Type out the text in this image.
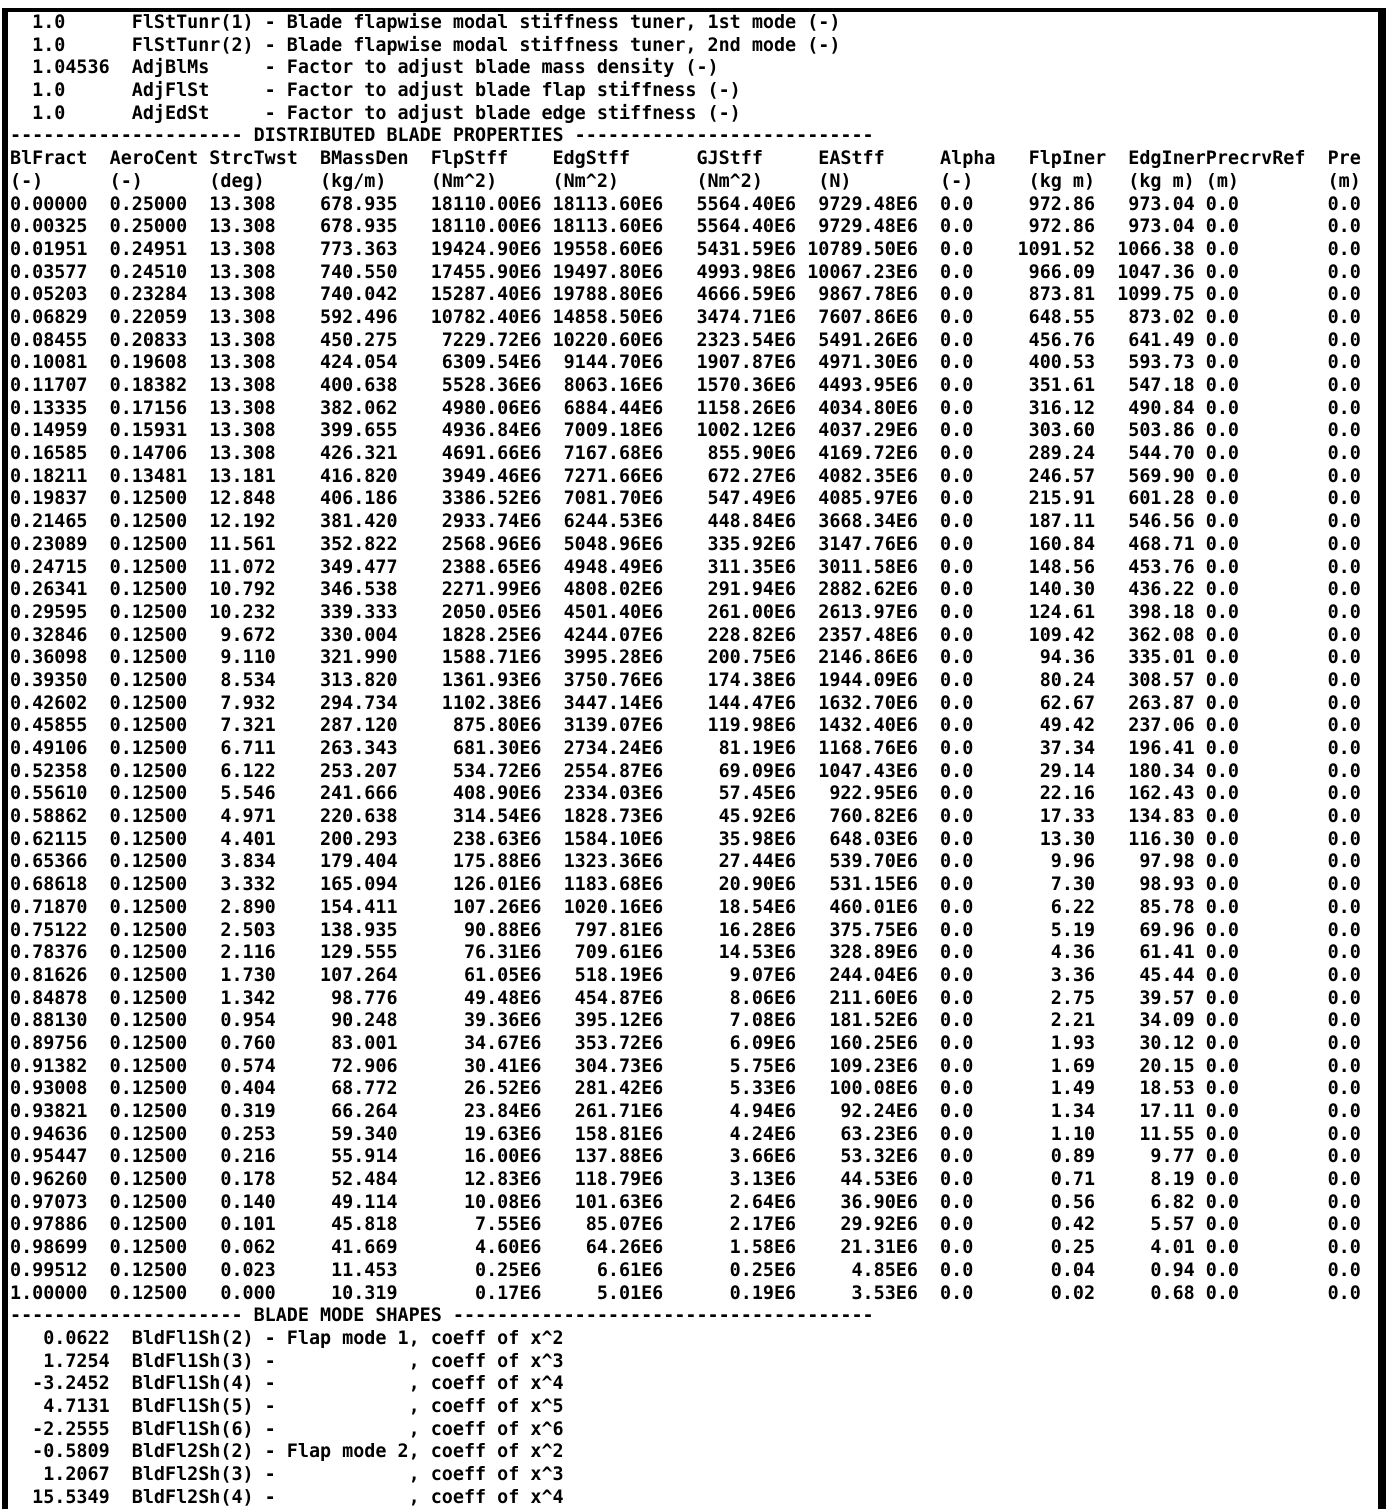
1.0      FlStTunr(1) - Blade flapwise modal stiffness tuner, 1st mode (-)
1.0      FlStTunr(2) - Blade flapwise modal stiffness tuner, 2nd mode (-)
1.04536  AdjBlMs     - Factor to adjust blade mass density (-)
1.0      AdjFlSt     - Factor to adjust blade flap stiffness (-)
1.0      AdjEdSt     - Factor to adjust blade edge stiffness (-)
--------------------- DISTRIBUTED BLADE PROPERTIES ---------------------------
BlFract  AeroCent StrcTwst  BMassDen  FlpStff    EdgStff      GJStff     EAStff     Alpha   FlpIner  EdgInerPrecrvRef  Pre
(-)      (-)      (deg)     (kg/m)    (Nm^2)     (Nm^2)       (Nm^2)     (N)        (-)     (kg m)   (kg m) (m)        (m)
0.00000  0.25000  13.308    678.935   18110.00E6 18113.60E6   5564.40E6  9729.48E6  0.0     972.86   973.04 0.0        0.0
0.00325  0.25000  13.308    678.935   18110.00E6 18113.60E6   5564.40E6  9729.48E6  0.0     972.86   973.04 0.0        0.0
0.01951  0.24951  13.308    773.363   19424.90E6 19558.60E6   5431.59E6 10789.50E6  0.0    1091.52  1066.38 0.0        0.0
0.03577  0.24510  13.308    740.550   17455.90E6 19497.80E6   4993.98E6 10067.23E6  0.0     966.09  1047.36 0.0        0.0
0.05203  0.23284  13.308    740.042   15287.40E6 19788.80E6   4666.59E6  9867.78E6  0.0     873.81  1099.75 0.0        0.0
0.06829  0.22059  13.308    592.496   10782.40E6 14858.50E6   3474.71E6  7607.86E6  0.0     648.55   873.02 0.0        0.0
0.08455  0.20833  13.308    450.275    7229.72E6 10220.60E6   2323.54E6  5491.26E6  0.0     456.76   641.49 0.0        0.0
0.10081  0.19608  13.308    424.054    6309.54E6  9144.70E6   1907.87E6  4971.30E6  0.0     400.53   593.73 0.0        0.0
0.11707  0.18382  13.308    400.638    5528.36E6  8063.16E6   1570.36E6  4493.95E6  0.0     351.61   547.18 0.0        0.0
0.13335  0.17156  13.308    382.062    4980.06E6  6884.44E6   1158.26E6  4034.80E6  0.0     316.12   490.84 0.0        0.0
0.14959  0.15931  13.308    399.655    4936.84E6  7009.18E6   1002.12E6  4037.29E6  0.0     303.60   503.86 0.0        0.0
0.16585  0.14706  13.308    426.321    4691.66E6  7167.68E6    855.90E6  4169.72E6  0.0     289.24   544.70 0.0        0.0
0.18211  0.13481  13.181    416.820    3949.46E6  7271.66E6    672.27E6  4082.35E6  0.0     246.57   569.90 0.0        0.0
0.19837  0.12500  12.848    406.186    3386.52E6  7081.70E6    547.49E6  4085.97E6  0.0     215.91   601.28 0.0        0.0
0.21465  0.12500  12.192    381.420    2933.74E6  6244.53E6    448.84E6  3668.34E6  0.0     187.11   546.56 0.0        0.0
0.23089  0.12500  11.561    352.822    2568.96E6  5048.96E6    335.92E6  3147.76E6  0.0     160.84   468.71 0.0        0.0
0.24715  0.12500  11.072    349.477    2388.65E6  4948.49E6    311.35E6  3011.58E6  0.0     148.56   453.76 0.0        0.0
0.26341  0.12500  10.792    346.538    2271.99E6  4808.02E6    291.94E6  2882.62E6  0.0     140.30   436.22 0.0        0.0
0.29595  0.12500  10.232    339.333    2050.05E6  4501.40E6    261.00E6  2613.97E6  0.0     124.61   398.18 0.0        0.0
0.32846  0.12500   9.672    330.004    1828.25E6  4244.07E6    228.82E6  2357.48E6  0.0     109.42   362.08 0.0        0.0
0.36098  0.12500   9.110    321.990    1588.71E6  3995.28E6    200.75E6  2146.86E6  0.0      94.36   335.01 0.0        0.0
0.39350  0.12500   8.534    313.820    1361.93E6  3750.76E6    174.38E6  1944.09E6  0.0      80.24   308.57 0.0        0.0
0.42602  0.12500   7.932    294.734    1102.38E6  3447.14E6    144.47E6  1632.70E6  0.0      62.67   263.87 0.0        0.0
0.45855  0.12500   7.321    287.120     875.80E6  3139.07E6    119.98E6  1432.40E6  0.0      49.42   237.06 0.0        0.0
0.49106  0.12500   6.711    263.343     681.30E6  2734.24E6     81.19E6  1168.76E6  0.0      37.34   196.41 0.0        0.0
0.52358  0.12500   6.122    253.207     534.72E6  2554.87E6     69.09E6  1047.43E6  0.0      29.14   180.34 0.0        0.0
0.55610  0.12500   5.546    241.666     408.90E6  2334.03E6     57.45E6   922.95E6  0.0      22.16   162.43 0.0        0.0
0.58862  0.12500   4.971    220.638     314.54E6  1828.73E6     45.92E6   760.82E6  0.0      17.33   134.83 0.0        0.0
0.62115  0.12500   4.401    200.293     238.63E6  1584.10E6     35.98E6   648.03E6  0.0      13.30   116.30 0.0        0.0
0.65366  0.12500   3.834    179.404     175.88E6  1323.36E6     27.44E6   539.70E6  0.0       9.96    97.98 0.0        0.0
0.68618  0.12500   3.332    165.094     126.01E6  1183.68E6     20.90E6   531.15E6  0.0       7.30    98.93 0.0        0.0
0.71870  0.12500   2.890    154.411     107.26E6  1020.16E6     18.54E6   460.01E6  0.0       6.22    85.78 0.0        0.0
0.75122  0.12500   2.503    138.935      90.88E6   797.81E6     16.28E6   375.75E6  0.0       5.19    69.96 0.0        0.0
0.78376  0.12500   2.116    129.555      76.31E6   709.61E6     14.53E6   328.89E6  0.0       4.36    61.41 0.0        0.0
0.81626  0.12500   1.730    107.264      61.05E6   518.19E6      9.07E6   244.04E6  0.0       3.36    45.44 0.0        0.0
0.84878  0.12500   1.342     98.776      49.48E6   454.87E6      8.06E6   211.60E6  0.0       2.75    39.57 0.0        0.0
0.88130  0.12500   0.954     90.248      39.36E6   395.12E6      7.08E6   181.52E6  0.0       2.21    34.09 0.0        0.0
0.89756  0.12500   0.760     83.001      34.67E6   353.72E6      6.09E6   160.25E6  0.0       1.93    30.12 0.0        0.0
0.91382  0.12500   0.574     72.906      30.41E6   304.73E6      5.75E6   109.23E6  0.0       1.69    20.15 0.0        0.0
0.93008  0.12500   0.404     68.772      26.52E6   281.42E6      5.33E6   100.08E6  0.0       1.49    18.53 0.0        0.0
0.93821  0.12500   0.319     66.264      23.84E6   261.71E6      4.94E6    92.24E6  0.0       1.34    17.11 0.0        0.0
0.94636  0.12500   0.253     59.340      19.63E6   158.81E6      4.24E6    63.23E6  0.0       1.10    11.55 0.0        0.0
0.95447  0.12500   0.216     55.914      16.00E6   137.88E6      3.66E6    53.32E6  0.0       0.89     9.77 0.0        0.0
0.96260  0.12500   0.178     52.484      12.83E6   118.79E6      3.13E6    44.53E6  0.0       0.71     8.19 0.0        0.0
0.97073  0.12500   0.140     49.114      10.08E6   101.63E6      2.64E6    36.90E6  0.0       0.56     6.82 0.0        0.0
0.97886  0.12500   0.101     45.818       7.55E6    85.07E6      2.17E6    29.92E6  0.0       0.42     5.57 0.0        0.0
0.98699  0.12500   0.062     41.669       4.60E6    64.26E6      1.58E6    21.31E6  0.0       0.25     4.01 0.0        0.0
0.99512  0.12500   0.023     11.453       0.25E6     6.61E6      0.25E6     4.85E6  0.0       0.04     0.94 0.0        0.0
1.00000  0.12500   0.000     10.319       0.17E6     5.01E6      0.19E6     3.53E6  0.0       0.02     0.68 0.0        0.0
--------------------- BLADE MODE SHAPES --------------------------------------
0.0622  BldFl1Sh(2) - Flap mode 1, coeff of x^2
1.7254  BldFl1Sh(3) -            , coeff of x^3
-3.2452  BldFl1Sh(4) -            , coeff of x^4
4.7131  BldFl1Sh(5) -            , coeff of x^5
-2.2555  BldFl1Sh(6) -            , coeff of x^6
-0.5809  BldFl2Sh(2) - Flap mode 2, coeff of x^2
1.2067  BldFl2Sh(3) -            , coeff of x^3
15.5349  BldFl2Sh(4) -            , coeff of x^4
